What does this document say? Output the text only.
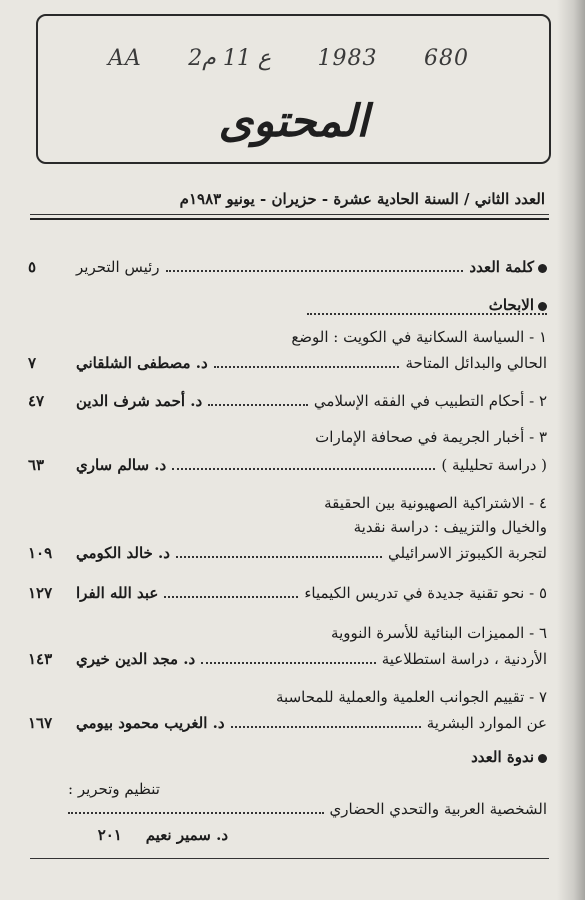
AA 2ع 11 م 1983 680
المحتوى
العدد الثاني / السنة الحادية عشرة - حزيران - يونيو ١٩٨٣م
كلمة العدد
رئيس التحرير
٥
الابحاث
١ - السياسة السكانية في الكويت : الوضع
الحالي والبدائل المتاحة
د. مصطفى الشلقاني
٧
٢ - أحكام التطبيب في الفقه الإسلامي
د. أحمد شرف الدين
٤٧
٣ - أخبار الجريمة في صحافة الإمارات
( دراسة تحليلية )
د. سالم ساري
٦٣
٤ - الاشتراكية الصهيونية بين الحقيقة
والخيال والتزييف : دراسة نقدية
لتجربة الكيبوتز الاسرائيلي
د. خالد الكومي
١٠٩
٥ - نحو تقنية جديدة في تدريس الكيمياء
عبد الله الفرا
١٢٧
٦ - المميزات البنائية للأسرة النووية
الأردنية ، دراسة استطلاعية
د. مجد الدين خيري
١٤٣
٧ - تقييم الجوانب العلمية والعملية للمحاسبة
عن الموارد البشرية
د. الغريب محمود بيومي
١٦٧
ندوة العدد
تنظيم وتحرير :
الشخصية العربية والتحدي الحضاري
د. سمير نعيم
٢٠١
